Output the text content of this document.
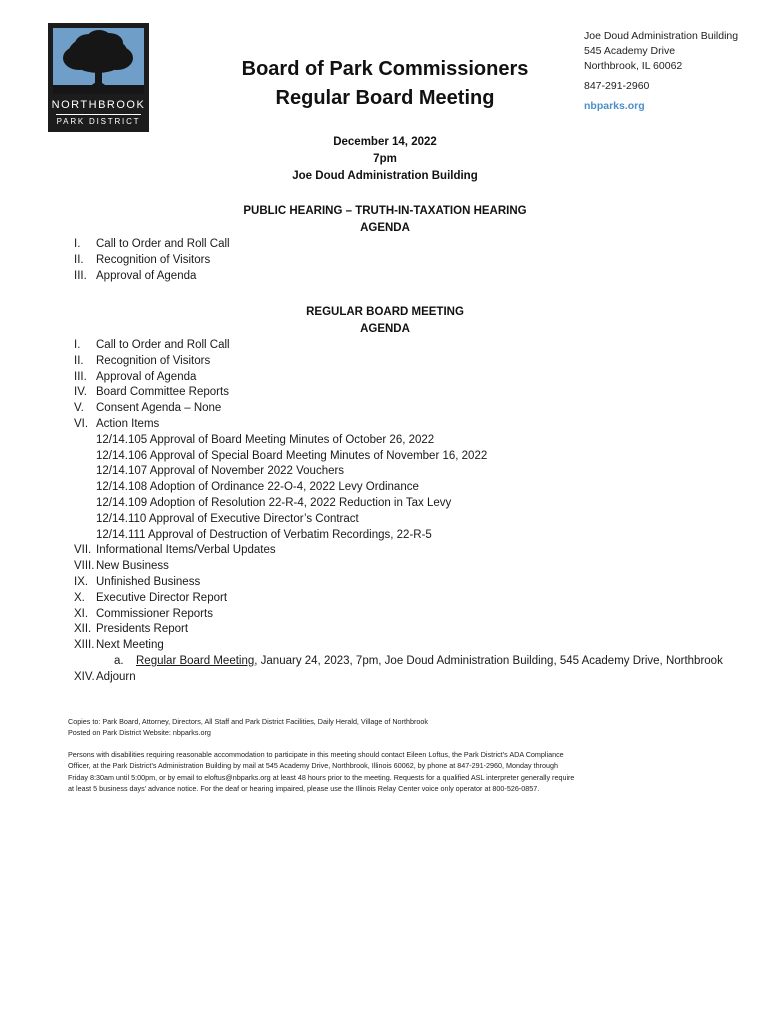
NORTHBROOK
PARK DISTRICT
Board of Park Commissioners
Regular Board Meeting
Joe Doud Administration Building
545 Academy Drive
Northbrook, IL 60062
847-291-2960
nbparks.org
December 14, 2022
7pm
Joe Doud Administration Building
PUBLIC HEARING – TRUTH-IN-TAXATION HEARING
AGENDA
I. Call to Order and Roll Call
II. Recognition of Visitors
III. Approval of Agenda
REGULAR BOARD MEETING
AGENDA
I. Call to Order and Roll Call
II. Recognition of Visitors
III. Approval of Agenda
IV. Board Committee Reports
V. Consent Agenda – None
VI. Action Items
12/14.105 Approval of Board Meeting Minutes of October 26, 2022
12/14.106 Approval of Special Board Meeting Minutes of November 16, 2022
12/14.107 Approval of November 2022 Vouchers
12/14.108 Adoption of Ordinance 22-O-4, 2022 Levy Ordinance
12/14.109 Adoption of Resolution 22-R-4, 2022 Reduction in Tax Levy
12/14.110 Approval of Executive Director’s Contract
12/14.111 Approval of Destruction of Verbatim Recordings, 22-R-5
VII. Informational Items/Verbal Updates
VIII. New Business
IX. Unfinished Business
X. Executive Director Report
XI. Commissioner Reports
XII. Presidents Report
XIII. Next Meeting
a. Regular Board Meeting, January 24, 2023, 7pm, Joe Doud Administration Building, 545 Academy Drive, Northbrook
XIV. Adjourn
Copies to: Park Board, Attorney, Directors, All Staff and Park District Facilities, Daily Herald, Village of Northbrook
Posted on Park District Website: nbparks.org
Persons with disabilities requiring reasonable accommodation to participate in this meeting should contact Eileen Loftus, the Park District’s ADA Compliance
Officer, at the Park District’s Administration Building by mail at 545 Academy Drive, Northbrook, Illinois 60062, by phone at 847-291-2960, Monday through
Friday 8:30am until 5:00pm, or by email to eloftus@nbparks.org at least 48 hours prior to the meeting. Requests for a qualified ASL interpreter generally require
at least 5 business days’ advance notice. For the deaf or hearing impaired, please use the Illinois Relay Center voice only operator at 800-526-0857.
